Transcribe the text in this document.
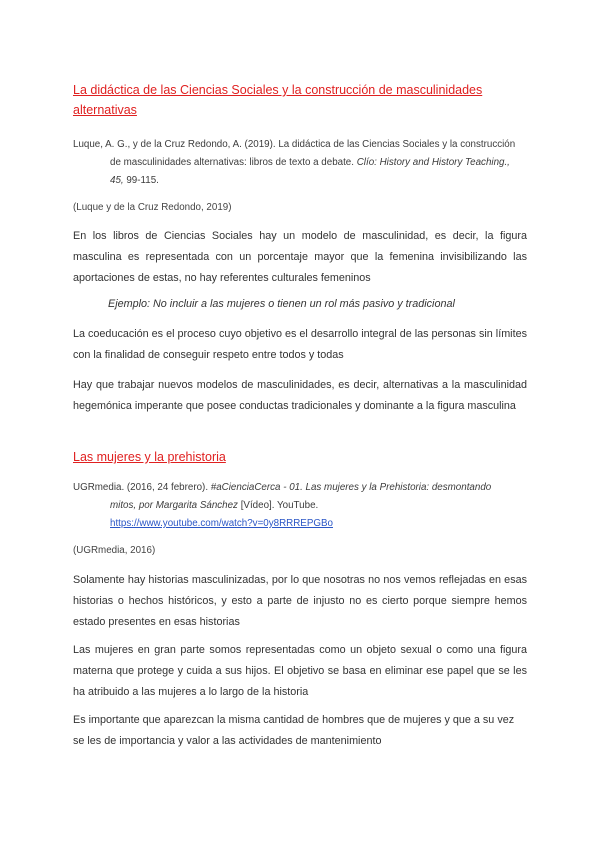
La didáctica de las Ciencias Sociales y la construcción de masculinidades alternativas
Luque, A. G., y de la Cruz Redondo, A. (2019). La didáctica de las Ciencias Sociales y la construcción
de masculinidades alternativas: libros de texto a debate. Clío: History and History Teaching.,
45, 99-115.
(Luque y de la Cruz Redondo, 2019)
En los libros de Ciencias Sociales hay un modelo de masculinidad, es decir, la figura masculina es representada con un porcentaje mayor que la femenina invisibilizando las aportaciones de estas, no hay referentes culturales femeninos
Ejemplo: No incluir a las mujeres o tienen un rol más pasivo y tradicional
La coeducación es el proceso cuyo objetivo es el desarrollo integral de las personas sin límites con la finalidad de conseguir respeto entre todos y todas
Hay que trabajar nuevos modelos de masculinidades, es decir, alternativas a la masculinidad hegemónica imperante que posee conductas tradicionales y dominante a la figura masculina
Las mujeres y la prehistoria
UGRmedia. (2016, 24 febrero). #aCienciaCerca - 01. Las mujeres y la Prehistoria: desmontando
mitos, por Margarita Sánchez [Vídeo]. YouTube.
https://www.youtube.com/watch?v=0y8RRREPGBo
(UGRmedia, 2016)
Solamente hay historias masculinizadas, por lo que nosotras no nos vemos reflejadas en esas historias o hechos históricos, y esto a parte de injusto no es cierto porque siempre hemos estado presentes en esas historias
Las mujeres en gran parte somos representadas como un objeto sexual o como una figura materna que protege y cuida a sus hijos. El objetivo se basa en eliminar ese papel que se les ha atribuido a las mujeres a lo largo de la historia
Es importante que aparezcan la misma cantidad de hombres que de mujeres y que a su vez se les de importancia y valor a las actividades de mantenimiento
